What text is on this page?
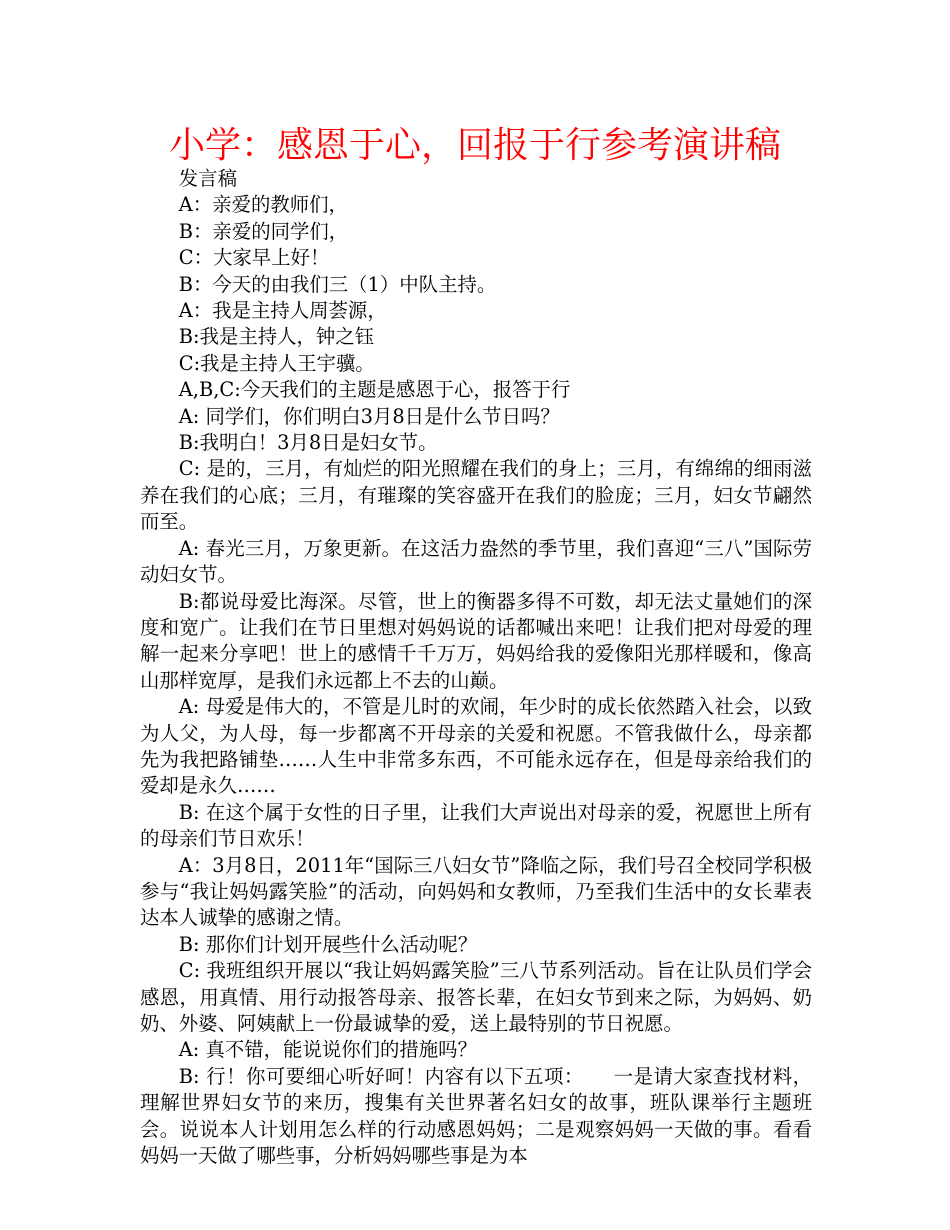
小学：感恩于心，回报于行参考演讲稿

发言稿

A：亲爱的教师们，

B：亲爱的同学们，

C：大家早上好！

B：今天的由我们三（1）中队主持。

A：我是主持人周荟源，

B:我是主持人，钟之钰

C:我是主持人王宇骥。

A,B,C:今天我们的主题是感恩于心，报答于行

A: 同学们，你们明白3月8日是什么节日吗？

B:我明白！3月8日是妇女节。

C: 是的，三月，有灿烂的阳光照耀在我们的身上；三月，有绵绵的细雨滋养在我们的心底；三月，有璀璨的笑容盛开在我们的脸庞；三月，妇女节翩然而至。

A: 春光三月，万象更新。在这活力盎然的季节里，我们喜迎“三八”国际劳动妇女节。

B:都说母爱比海深。尽管，世上的衡器多得不可数，却无法丈量她们的深度和宽广。让我们在节日里想对妈妈说的话都喊出来吧！让我们把对母爱的理解一起来分享吧！世上的感情千千万万，妈妈给我的爱像阳光那样暖和，像高山那样宽厚，是我们永远都上不去的山巅。

A: 母爱是伟大的，不管是儿时的欢闹，年少时的成长依然踏入社会，以致为人父，为人母，每一步都离不开母亲的关爱和祝愿。不管我做什么，母亲都先为我把路铺垫……人生中非常多东西，不可能永远存在，但是母亲给我们的爱却是永久……

B: 在这个属于女性的日子里，让我们大声说出对母亲的爱，祝愿世上所有的母亲们节日欢乐！

A：3月8日，2011年“国际三八妇女节”降临之际，我们号召全校同学积极参与“我让妈妈露笑脸”的活动，向妈妈和女教师，乃至我们生活中的女长辈表达本人诚挚的感谢之情。

B: 那你们计划开展些什么活动呢？

C: 我班组织开展以“我让妈妈露笑脸”三八节系列活动。旨在让队员们学会感恩，用真情、用行动报答母亲、报答长辈，在妇女节到来之际，为妈妈、奶奶、外婆、阿姨献上一份最诚挚的爱，送上最特别的节日祝愿。

A: 真不错，能说说你们的措施吗？

B: 行！你可要细心听好呵！内容有以下五项：　　一是请大家查找材料，理解世界妇女节的来历，搜集有关世界著名妇女的故事，班队课举行主题班会。说说本人计划用怎么样的行动感恩妈妈；二是观察妈妈一天做的事。看看妈妈一天做了哪些事，分析妈妈哪些事是为本
